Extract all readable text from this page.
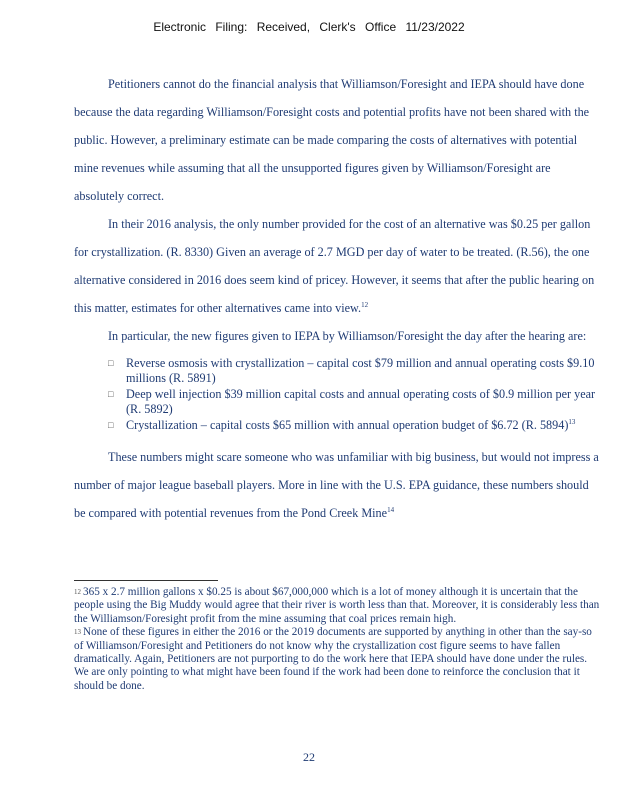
Electronic Filing: Received, Clerk's Office 11/23/2022

Petitioners cannot do the financial analysis that Williamson/Foresight and IEPA should have done because the data regarding Williamson/Foresight costs and potential profits have not been shared with the public. However, a preliminary estimate can be made comparing the costs of alternatives with potential mine revenues while assuming that all the unsupported figures given by Williamson/Foresight are absolutely correct.

In their 2016 analysis, the only number provided for the cost of an alternative was $0.25 per gallon for crystallization. (R. 8330) Given an average of 2.7 MGD per day of water to be treated. (R.56), the one alternative considered in 2016 does seem kind of pricey. However, it seems that after the public hearing on this matter, estimates for other alternatives came into view.$^{12}$

In particular, the new figures given to IEPA by Williamson/Foresight the day after the hearing are:

□ Reverse osmosis with crystallization – capital cost $79 million and annual operating costs $9.10 millions (R. 5891)
□ Deep well injection $39 million capital costs and annual operating costs of $0.9 million per year (R. 5892)
□ Crystallization – capital costs $65 million with annual operation budget of $6.72 (R. 5894)$^{13}$

These numbers might scare someone who was unfamiliar with big business, but would not impress a number of major league baseball players. More in line with the U.S. EPA guidance, these numbers should be compared with potential revenues from the Pond Creek Mine$^{14}$

$^{12}$ 365 x 2.7 million gallons x $0.25 is about $67,000,000 which is a lot of money although it is uncertain that the people using the Big Muddy would agree that their river is worth less than that. Moreover, it is considerably less than the Williamson/Foresight profit from the mine assuming that coal prices remain high.

$^{13}$ None of these figures in either the 2016 or the 2019 documents are supported by anything in other than the say-so of Williamson/Foresight and Petitioners do not know why the crystallization cost figure seems to have fallen dramatically. Again, Petitioners are not purporting to do the work here that IEPA should have done under the rules. We are only pointing to what might have been found if the work had been done to reinforce the conclusion that it should be done.

22
